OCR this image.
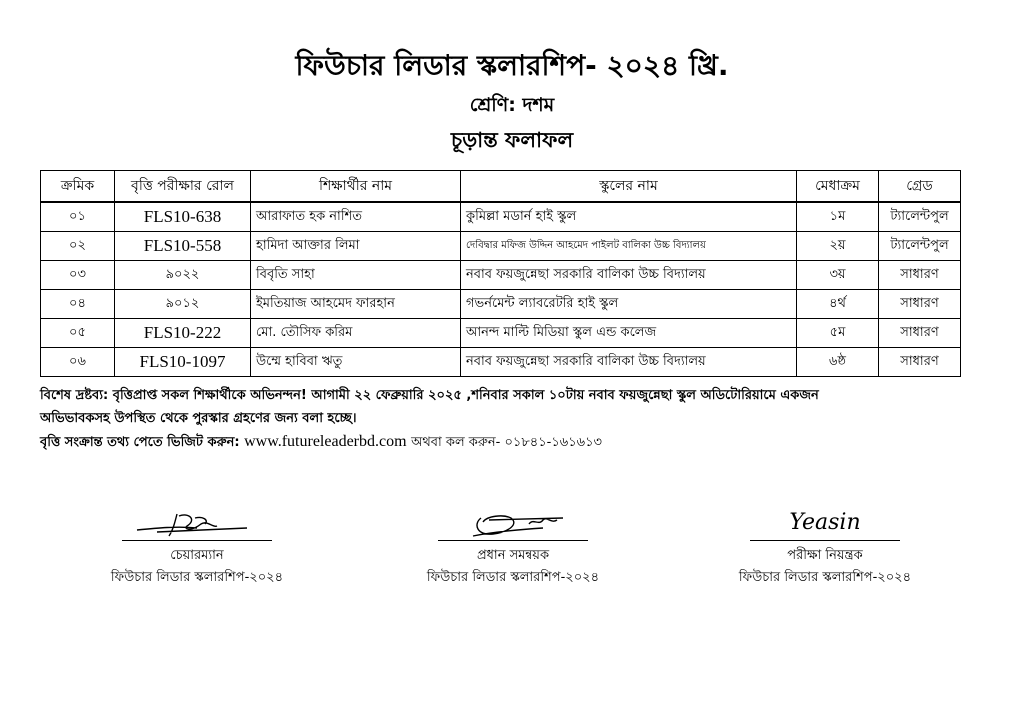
ফিউচার লিডার স্কলারশিপ- ২০২৪ খ্রি.
শ্রেণি: দশম
চূড়ান্ত ফলাফল
ক্রমিক	বৃত্তি পরীক্ষার রোল	শিক্ষার্থীর নাম	স্কুলের নাম	মেধাক্রম	গ্রেড
০১	FLS10-638	আরাফাত হক নাশিত	কুমিল্লা মডার্ন হাই স্কুল	১ম	ট্যালেন্টপুল
০২	FLS10-558	হামিদা আক্তার লিমা	দেবিদ্বার মফিজ উদ্দিন আহমেদ পাইলট বালিকা উচ্চ বিদ্যালয়	২য়	ট্যালেন্টপুল
০৩	৯০২২	বিবৃতি সাহা	নবাব ফয়জুন্নেছা সরকারি বালিকা উচ্চ বিদ্যালয়	৩য়	সাধারণ
০৪	৯০১২	ইমতিয়াজ আহমেদ ফারহান	গভর্নমেন্ট ল্যাবরেটরি হাই স্কুল	৪র্থ	সাধারণ
০৫	FLS10-222	মো. তৌসিফ করিম	আনন্দ মাল্টি মিডিয়া স্কুল এন্ড কলেজ	৫ম	সাধারণ
০৬	FLS10-1097	উম্মে হাবিবা ঋতু	নবাব ফয়জুন্নেছা সরকারি বালিকা উচ্চ বিদ্যালয়	৬ষ্ঠ	সাধারণ
বিশেষ দ্রষ্টব্য: বৃত্তিপ্রাপ্ত সকল শিক্ষার্থীকে অভিনন্দন! আগামী ২২ ফেব্রুয়ারি ২০২৫ ,শনিবার সকাল ১০টায় নবাব ফয়জুন্নেছা স্কুল অডিটোরিয়ামে একজন
অভিভাবকসহ উপস্থিত থেকে পুরস্কার গ্রহণের জন্য বলা হচ্ছে।
বৃত্তি সংক্রান্ত তথ্য পেতে ভিজিট করুন: www.futureleaderbd.com অথবা কল করুন- ০১৮৪১-১৬১৬১৩
চেয়ারম্যান
ফিউচার লিডার স্কলারশিপ-২০২৪
প্রধান সমন্বয়ক
ফিউচার লিডার স্কলারশিপ-২০২৪
Yeasin
পরীক্ষা নিয়ন্ত্রক
ফিউচার লিডার স্কলারশিপ-২০২৪
